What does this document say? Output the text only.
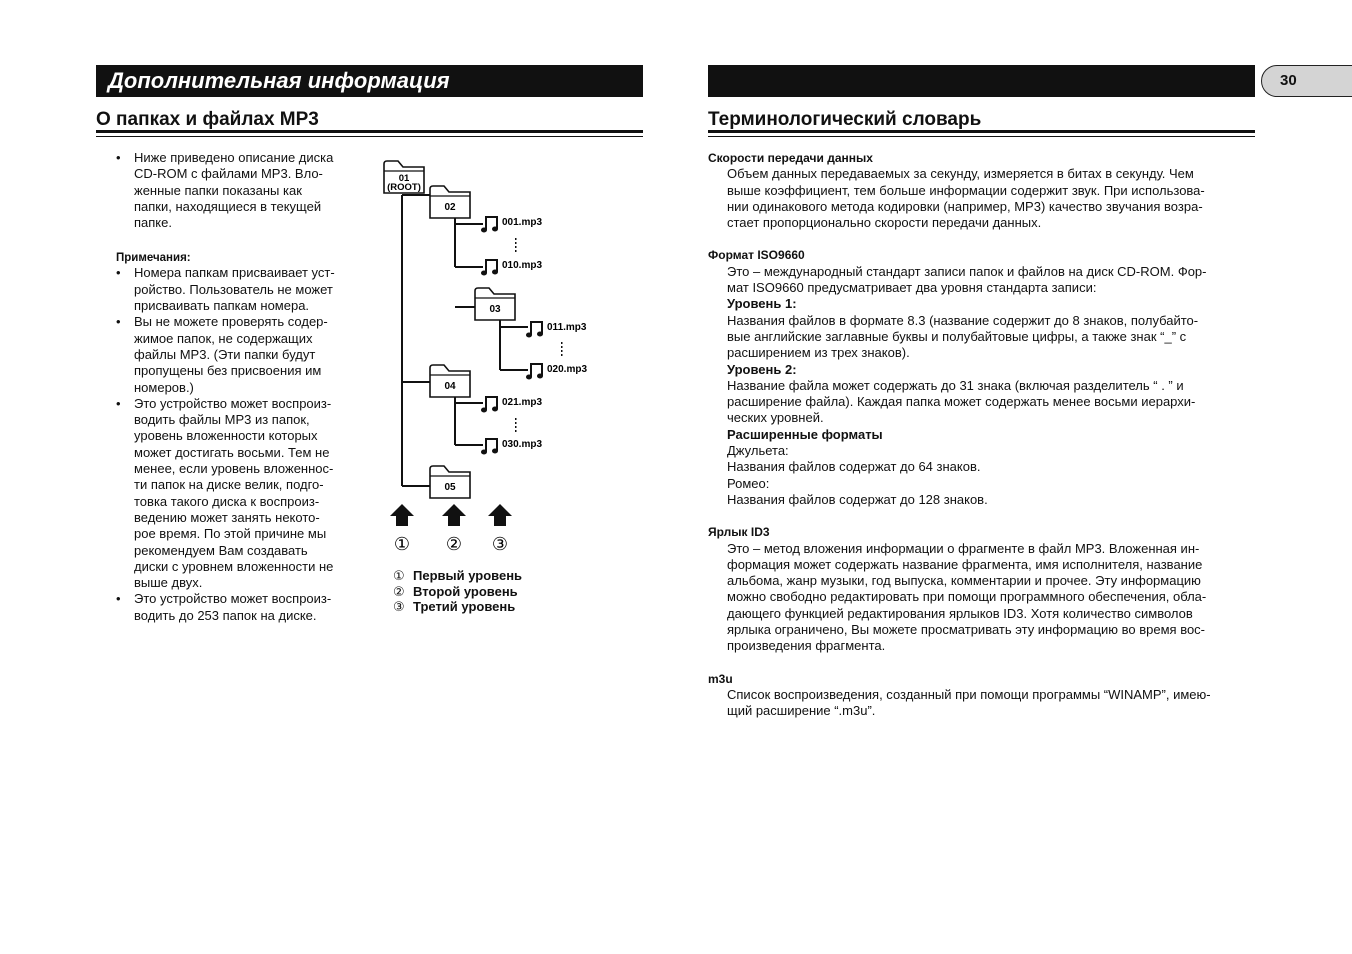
Дополнительная информация	30
О папках и файлах MP3
• Ниже приведено описание диска
CD-ROM с файлами MP3. Вло-
женные папки показаны как
папки, находящиеся в текущей
папке.
Примечания:
• Номера папкам присваивает уст-
ройство. Пользователь не может
присваивать папкам номера.
• Вы не можете проверять содер-
жимое папок, не содержащих
файлы MP3. (Эти папки будут
пропущены без присвоения им
номеров.)
• Это устройство может воспроиз-
водить файлы MP3 из папок,
уровень вложенности которых
может достигать восьми. Тем не
менее, если уровень вложеннос-
ти папок на диске велик, подго-
товка такого диска к воспроиз-
ведению может занять некото-
рое время. По этой причине мы
рекомендуем Вам создавать
диски с уровнем вложенности не
выше двух.
• Это устройство может воспроиз-
водить до 253 папок на диске.
01
(ROOT)
02
03
04
05
001.mp3
010.mp3
011.mp3
020.mp3
021.mp3
030.mp3
① ② ③
① Первый уровень
② Второй уровень
③ Третий уровень
Терминологический словарь
Скорости передачи данных
Объем данных передаваемых за секунду, измеряется в битах в секунду. Чем
выше коэффициент, тем больше информации содержит звук. При использова-
нии одинакового метода кодировки (например, MP3) качество звучания возра-
стает пропорционально скорости передачи данных.
Формат ISO9660
Это – международный стандарт записи папок и файлов на диск CD-ROM. Фор-
мат ISO9660 предусматривает два уровня стандарта записи:
Уровень 1:
Названия файлов в формате 8.3 (название содержит до 8 знаков, полубайто-
вые английские заглавные буквы и полубайтовые цифры, а также знак “_” с
расширением из трех знаков).
Уровень 2:
Название файла может содержать до 31 знака (включая разделитель “ . ” и
расширение файла). Каждая папка может содержать менее восьми иерархи-
ческих уровней.
Расширенные форматы
Джульета:
Названия файлов содержат до 64 знаков.
Ромео:
Названия файлов содержат до 128 знаков.
Ярлык ID3
Это – метод вложения информации о фрагменте в файл MP3. Вложенная ин-
формация может содержать название фрагмента, имя исполнителя, название
альбома, жанр музыки, год выпуска, комментарии и прочее. Эту информацию
можно свободно редактировать при помощи программного обеспечения, обла-
дающего функцией редактирования ярлыков ID3. Хотя количество символов
ярлыка ограничено, Вы можете просматривать эту информацию во время вос-
произведения фрагмента.
m3u
Список воспроизведения, созданный при помощи программы “WINAMP”, имею-
щий расширение “.m3u”.
